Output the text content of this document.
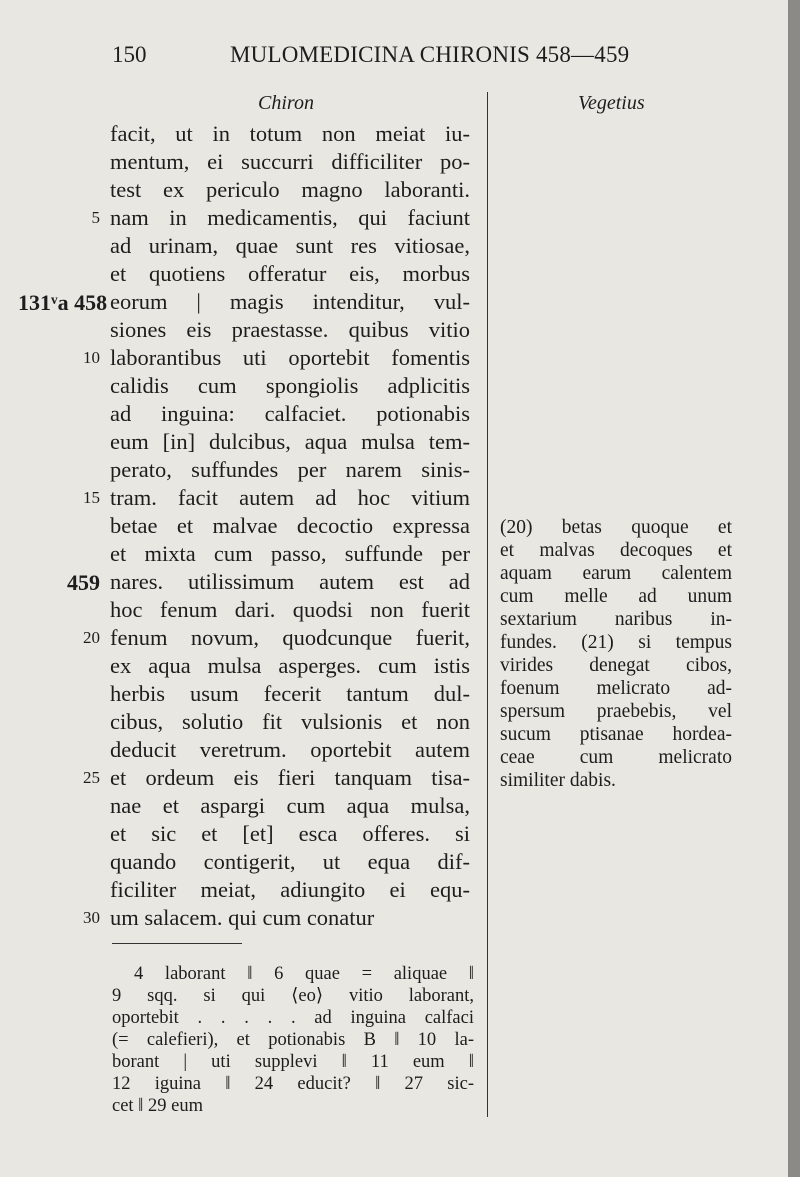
150	MULOMEDICINA CHIRONIS 458—459
Chiron	Vegetius
131ᵛa 458
459
facit, ut in totum non meiat iu-
mentum, ei succurri difficiliter po-
test ex periculo magno laboranti.
5 nam in medicamentis, qui faciunt
ad urinam, quae sunt res vitiosae,
et quotiens offeratur eis, morbus
eorum | magis intenditur, vul-
siones eis praestasse. quibus vitio
10 laborantibus uti oportebit fomentis
calidis cum spongiolis adplicitis
ad inguina: calfaciet. potionabis
eum [in] dulcibus, aqua mulsa tem-
perato, suffundes per narem sinis-
15 tram. facit autem ad hoc vitium
betae et malvae decoctio expressa
et mixta cum passo, suffunde per
nares. utilissimum autem est ad
hoc fenum dari. quodsi non fuerit
20 fenum novum, quodcunque fuerit,
ex aqua mulsa asperges. cum istis
herbis usum fecerit tantum dul-
cibus, solutio fit vulsionis et non
deducit veretrum. oportebit autem
25 et ordeum eis fieri tanquam tisa-
nae et aspargi cum aqua mulsa,
et sic et [et] esca offeres. si
quando contigerit, ut equa dif-
ficiliter meiat, adiungito ei equ-
30 um salacem. qui cum conatur
(20) betas quoque et
et malvas decoques et
aquam earum calentem
cum melle ad unum
sextarium naribus in-
fundes. (21) si tempus
virides denegat cibos,
foenum melicrato ad-
spersum praebebis, vel
sucum ptisanae hordea-
ceae cum melicrato
similiter dabis.
4 laborant ‖ 6 quae = aliquae ‖
9 sqq. si qui ⟨eo⟩ vitio laborant,
oportebit . . . . . ad inguina calfaci
(= calefieri), et potionabis B ‖ 10 la-
borant | uti supplevi ‖ 11 eum ‖
12 iguina ‖ 24 educit? ‖ 27 sic-
cet ‖ 29 eum
